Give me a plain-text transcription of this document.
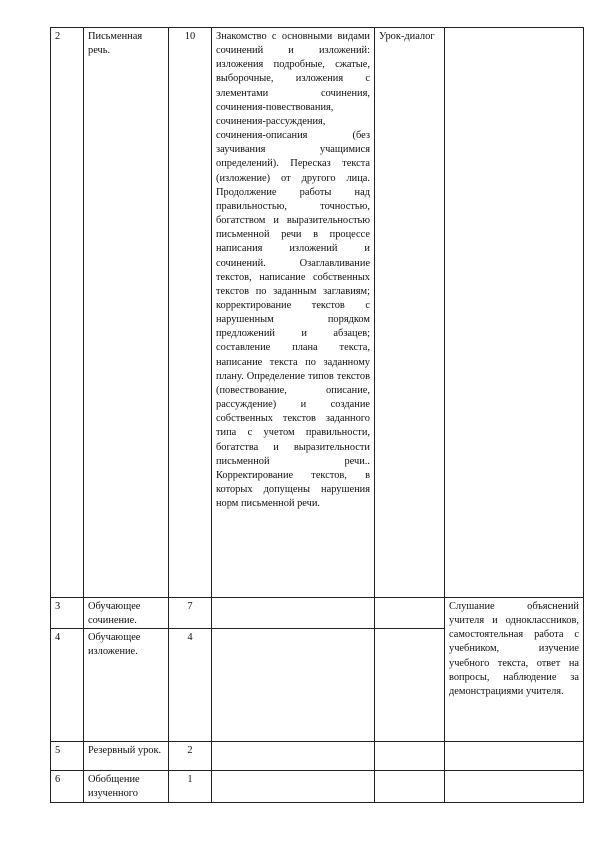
2	Письменная речь.	10	Знакомство с основными видами сочинений и изложений: изложения подробные, сжатые, выборочные, изложения с элементами сочинения, сочинения-повествования, сочинения-рассуждения, сочинения-описания (без заучивания учащимися определений). Пересказ текста (изложение) от другого лица. Продолжение работы над правильностью, точностью, богатством и выразительностью письменной речи в процессе написания изложений и сочинений. Озаглавливание текстов, написание собственных текстов по заданным заглавиям; корректирование текстов с нарушенным порядком предложений и абзацев; составление плана текста, написание текста по заданному плану. Определение типов текстов (повествование, описание, рассуждение) и создание собственных текстов заданного типа с учетом правильности, богатства и выразительности письменной речи.. Корректирование текстов, в которых допущены нарушения норм письменной речи.	Урок-диалог	
3	Обучающее сочинение.	7			Слушание объяснений учителя и одноклассников, самостоятельная работа с учебником, изучение учебного текста, ответ на вопросы, наблюдение за демонстрациями учителя.
4	Обучающее изложение.	4			
5	Резервный урок.	2			
6	Обобщение изученного	1			
